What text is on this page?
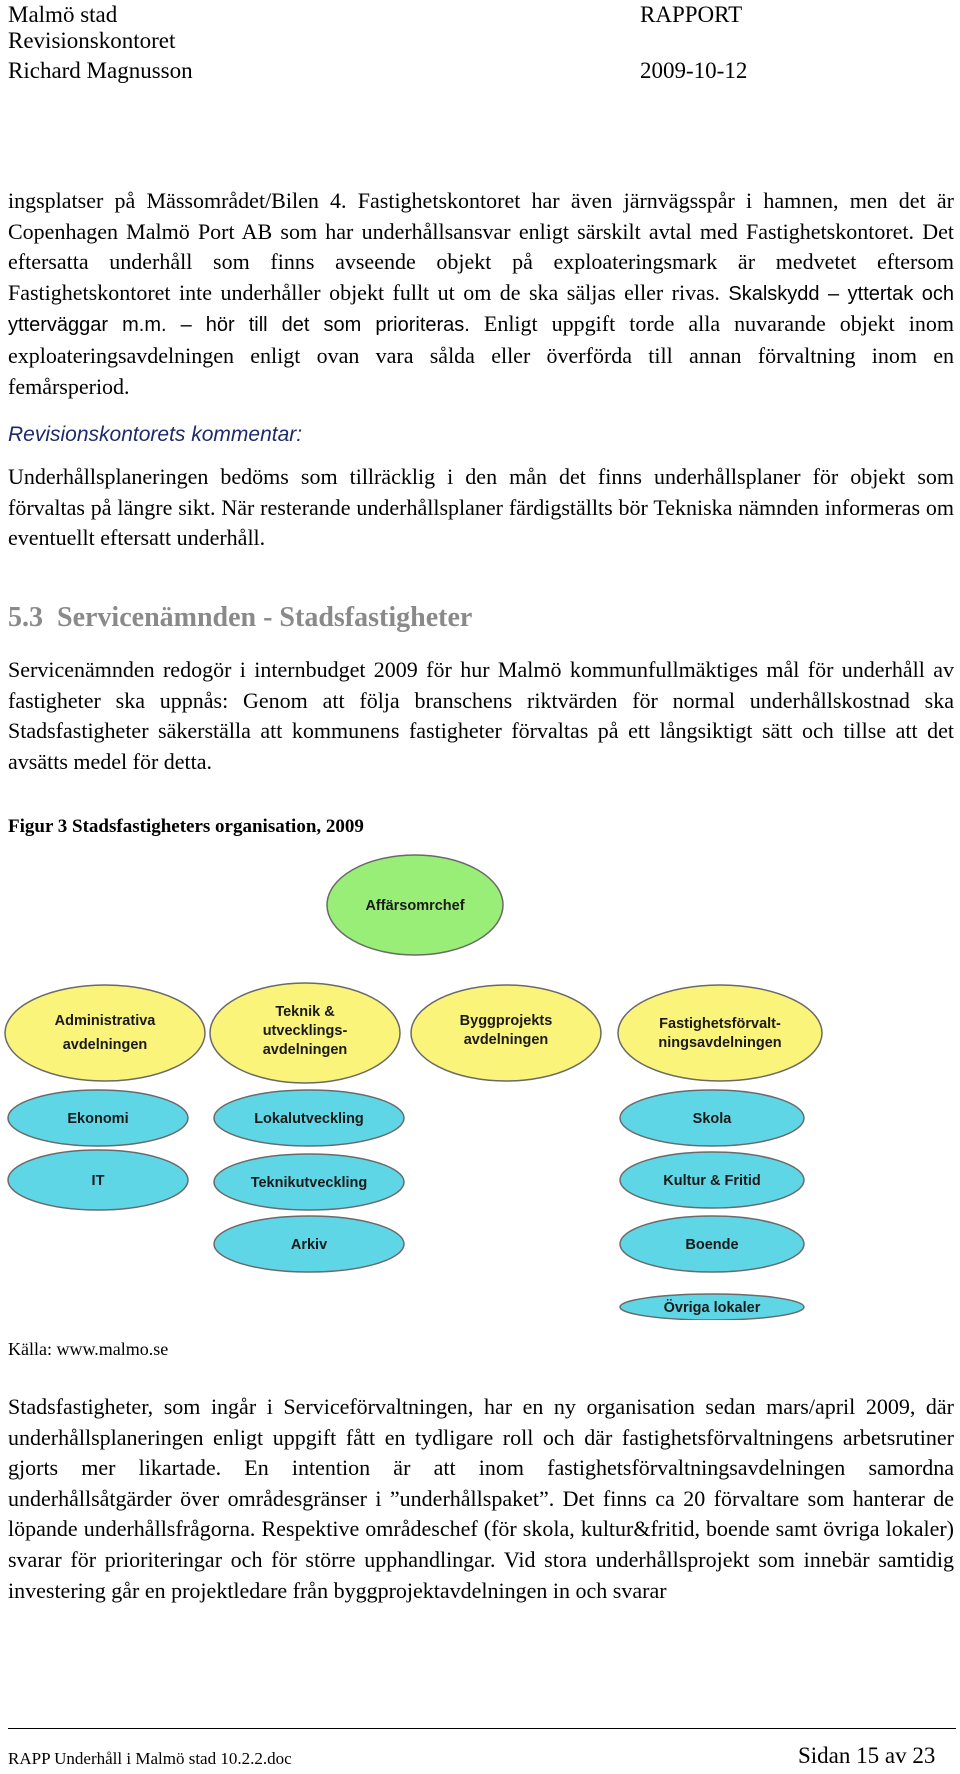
Malmö stad
Revisionskontoret
Richard Magnusson
RAPPORT
2009-10-12

ingsplatser på Mässområdet/Bilen 4. Fastighetskontoret har även järnvägsspår i hamnen, men det är Copenhagen Malmö Port AB som har underhållsansvar enligt särskilt avtal med Fastighetskontoret. Det eftersatta underhåll som finns avseende objekt på exploateringsmark är medvetet eftersom Fastighetskontoret inte underhåller objekt fullt ut om de ska säljas eller rivas. Skalskydd – yttertak och ytterväggar m.m. – hör till det som prioriteras. Enligt uppgift torde alla nuvarande objekt inom exploateringsavdelningen enligt ovan vara sålda eller överförda till annan förvaltning inom en femårsperiod.

Revisionskontorets kommentar:

Underhållsplaneringen bedöms som tillräcklig i den mån det finns underhållsplaner för objekt som förvaltas på längre sikt. När resterande underhållsplaner färdigställts bör Tekniska nämnden informeras om eventuellt eftersatt underhåll.

5.3 Servicenämnden - Stadsfastigheter

Servicenämnden redogör i internbudget 2009 för hur Malmö kommunfullmäktiges mål för underhåll av fastigheter ska uppnås: Genom att följa branschens riktvärden för normal underhållskostnad ska Stadsfastigheter säkerställa att kommunens fastigheter förvaltas på ett långsiktigt sätt och tillse att det avsätts medel för detta.

Figur 3 Stadsfastigheters organisation, 2009

Affärsomrchef
Administrativa
avdelningen
Teknik &
utvecklings-
avdelningen
Byggprojekts
avdelningen
Fastighetsförvalt-
ningsavdelningen
Ekonomi
IT
Lokalutveckling
Teknikutveckling
Arkiv
Skola
Kultur & Fritid
Boende
Övriga lokaler

Källa: www.malmo.se

Stadsfastigheter, som ingår i Serviceförvaltningen, har en ny organisation sedan mars/april 2009, där underhållsplaneringen enligt uppgift fått en tydligare roll och där fastighetsförvaltningens arbetsrutiner gjorts mer likartade. En intention är att inom fastighetsförvaltningsavdelningen samordna underhållsåtgärder över områdesgränser i ”underhållspaket”. Det finns ca 20 förvaltare som hanterar de löpande underhållsfrågorna. Respektive områdeschef (för skola, kultur&fritid, boende samt övriga lokaler) svarar för prioriteringar och för större upphandlingar. Vid stora underhållsprojekt som innebär samtidig investering går en projektledare från byggprojektavdelningen in och svarar

RAPP Underhåll i Malmö stad 10.2.2.doc	Sidan 15 av 23
